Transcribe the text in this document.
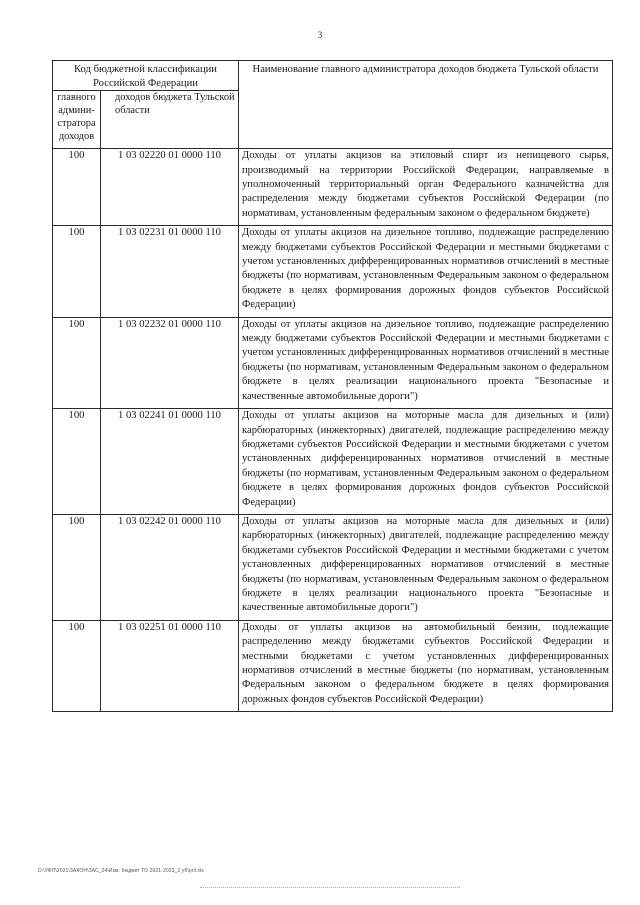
3
Код бюджетной классификации Российской Федерации		Наименование главного администратора доходов бюджета Тульской области
главного админи-стратора доходов	доходов бюджета Тульской области	
100	1 03 02220 01 0000 110	Доходы от уплаты акцизов на этиловый спирт из непищевого сырья, производимый на территории Российской Федерации, направляемые в уполномоченный территориальный орган Федерального казначейства для распределения между бюджетами субъектов Российской Федерации (по нормативам, установленным федеральным законом о федеральном бюджете)
100	1 03 02231 01 0000 110	Доходы от уплаты акцизов на дизельное топливо, подлежащие распределению между бюджетами субъектов Российской Федерации и местными бюджетами с учетом установленных дифференцированных нормативов отчислений в местные бюджеты (по нормативам, установленным Федеральным законом о федеральном бюджете в целях формирования дорожных фондов субъектов Российской Федерации)
100	1 03 02232 01 0000 110	Доходы от уплаты акцизов на дизельное топливо, подлежащие распределению между бюджетами субъектов Российской Федерации и местными бюджетами с учетом установленных дифференцированных нормативов отчислений в местные бюджеты (по нормативам, установленным Федеральным законом о федеральном бюджете в целях реализации национального проекта "Безопасные и качественные автомобильные дороги")
100	1 03 02241 01 0000 110	Доходы от уплаты акцизов на моторные масла для дизельных и (или) карбюраторных (инжекторных) двигателей, подлежащие распределению между бюджетами субъектов Российской Федерации и местными бюджетами с учетом установленных дифференцированных нормативов отчислений в местные бюджеты (по нормативам, установленным Федеральным законом о федеральном бюджете в целях формирования дорожных фондов субъектов Российской Федерации)
100	1 03 02242 01 0000 110	Доходы от уплаты акцизов на моторные масла для дизельных и (или) карбюраторных (инжекторных) двигателей, подлежащие распределению между бюджетами субъектов Российской Федерации и местными бюджетами с учетом установленных дифференцированных нормативов отчислений в местные бюджеты (по нормативам, установленным Федеральным законом о федеральном бюджете в целях реализации национального проекта "Безопасные и качественные автомобильные дороги")
100	1 03 02251 01 0000 110	Доходы от уплаты акцизов на автомобильный бензин, подлежащие распределению между бюджетами субъектов Российской Федерации и местными бюджетами с учетом установленных дифференцированных нормативов отчислений в местные бюджеты (по нормативам, установленным Федеральным законом о федеральном бюджете в целях формирования дорожных фондов субъектов Российской Федерации)
D:\УФП\2021\ЗАКОН\ЗАС_24\Изм. бюджет ТО 2021-2023_2 уб\pril.xls
